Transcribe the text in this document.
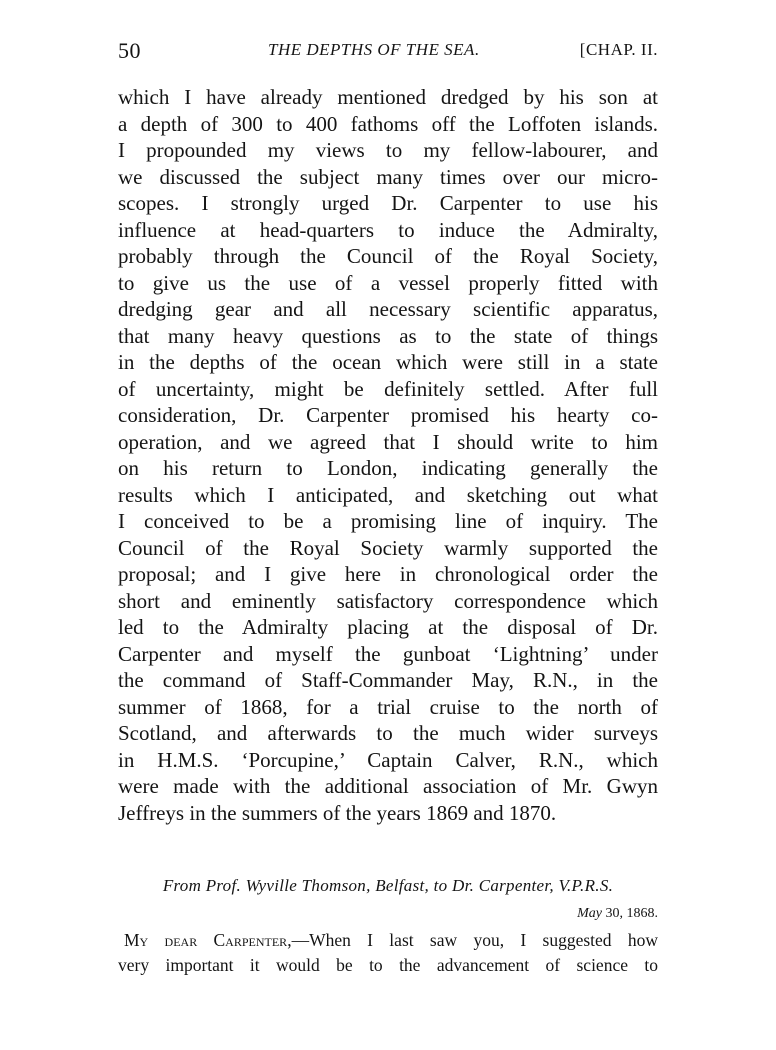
50	THE DEPTHS OF THE SEA.	[CHAP. II.
which I have already mentioned dredged by his son at
a depth of 300 to 400 fathoms off the Loffoten islands.
I propounded my views to my fellow-labourer, and
we discussed the subject many times over our micro-
scopes. I strongly urged Dr. Carpenter to use his
influence at head-quarters to induce the Admiralty,
probably through the Council of the Royal Society,
to give us the use of a vessel properly fitted with
dredging gear and all necessary scientific apparatus,
that many heavy questions as to the state of things
in the depths of the ocean which were still in a state
of uncertainty, might be definitely settled. After full
consideration, Dr. Carpenter promised his hearty co-
operation, and we agreed that I should write to him
on his return to London, indicating generally the
results which I anticipated, and sketching out what
I conceived to be a promising line of inquiry. The
Council of the Royal Society warmly supported the
proposal; and I give here in chronological order the
short and eminently satisfactory correspondence which
led to the Admiralty placing at the disposal of Dr.
Carpenter and myself the gunboat ‘Lightning’ under
the command of Staff-Commander May, R.N., in the
summer of 1868, for a trial cruise to the north of
Scotland, and afterwards to the much wider surveys
in H.M.S. ‘Porcupine,’ Captain Calver, R.N., which
were made with the additional association of Mr. Gwyn
Jeffreys in the summers of the years 1869 and 1870.
From Prof. Wyville Thomson, Belfast, to Dr. Carpenter, V.P.R.S.
May 30, 1868.
My dear Carpenter,—When I last saw you, I suggested how
very important it would be to the advancement of science to
